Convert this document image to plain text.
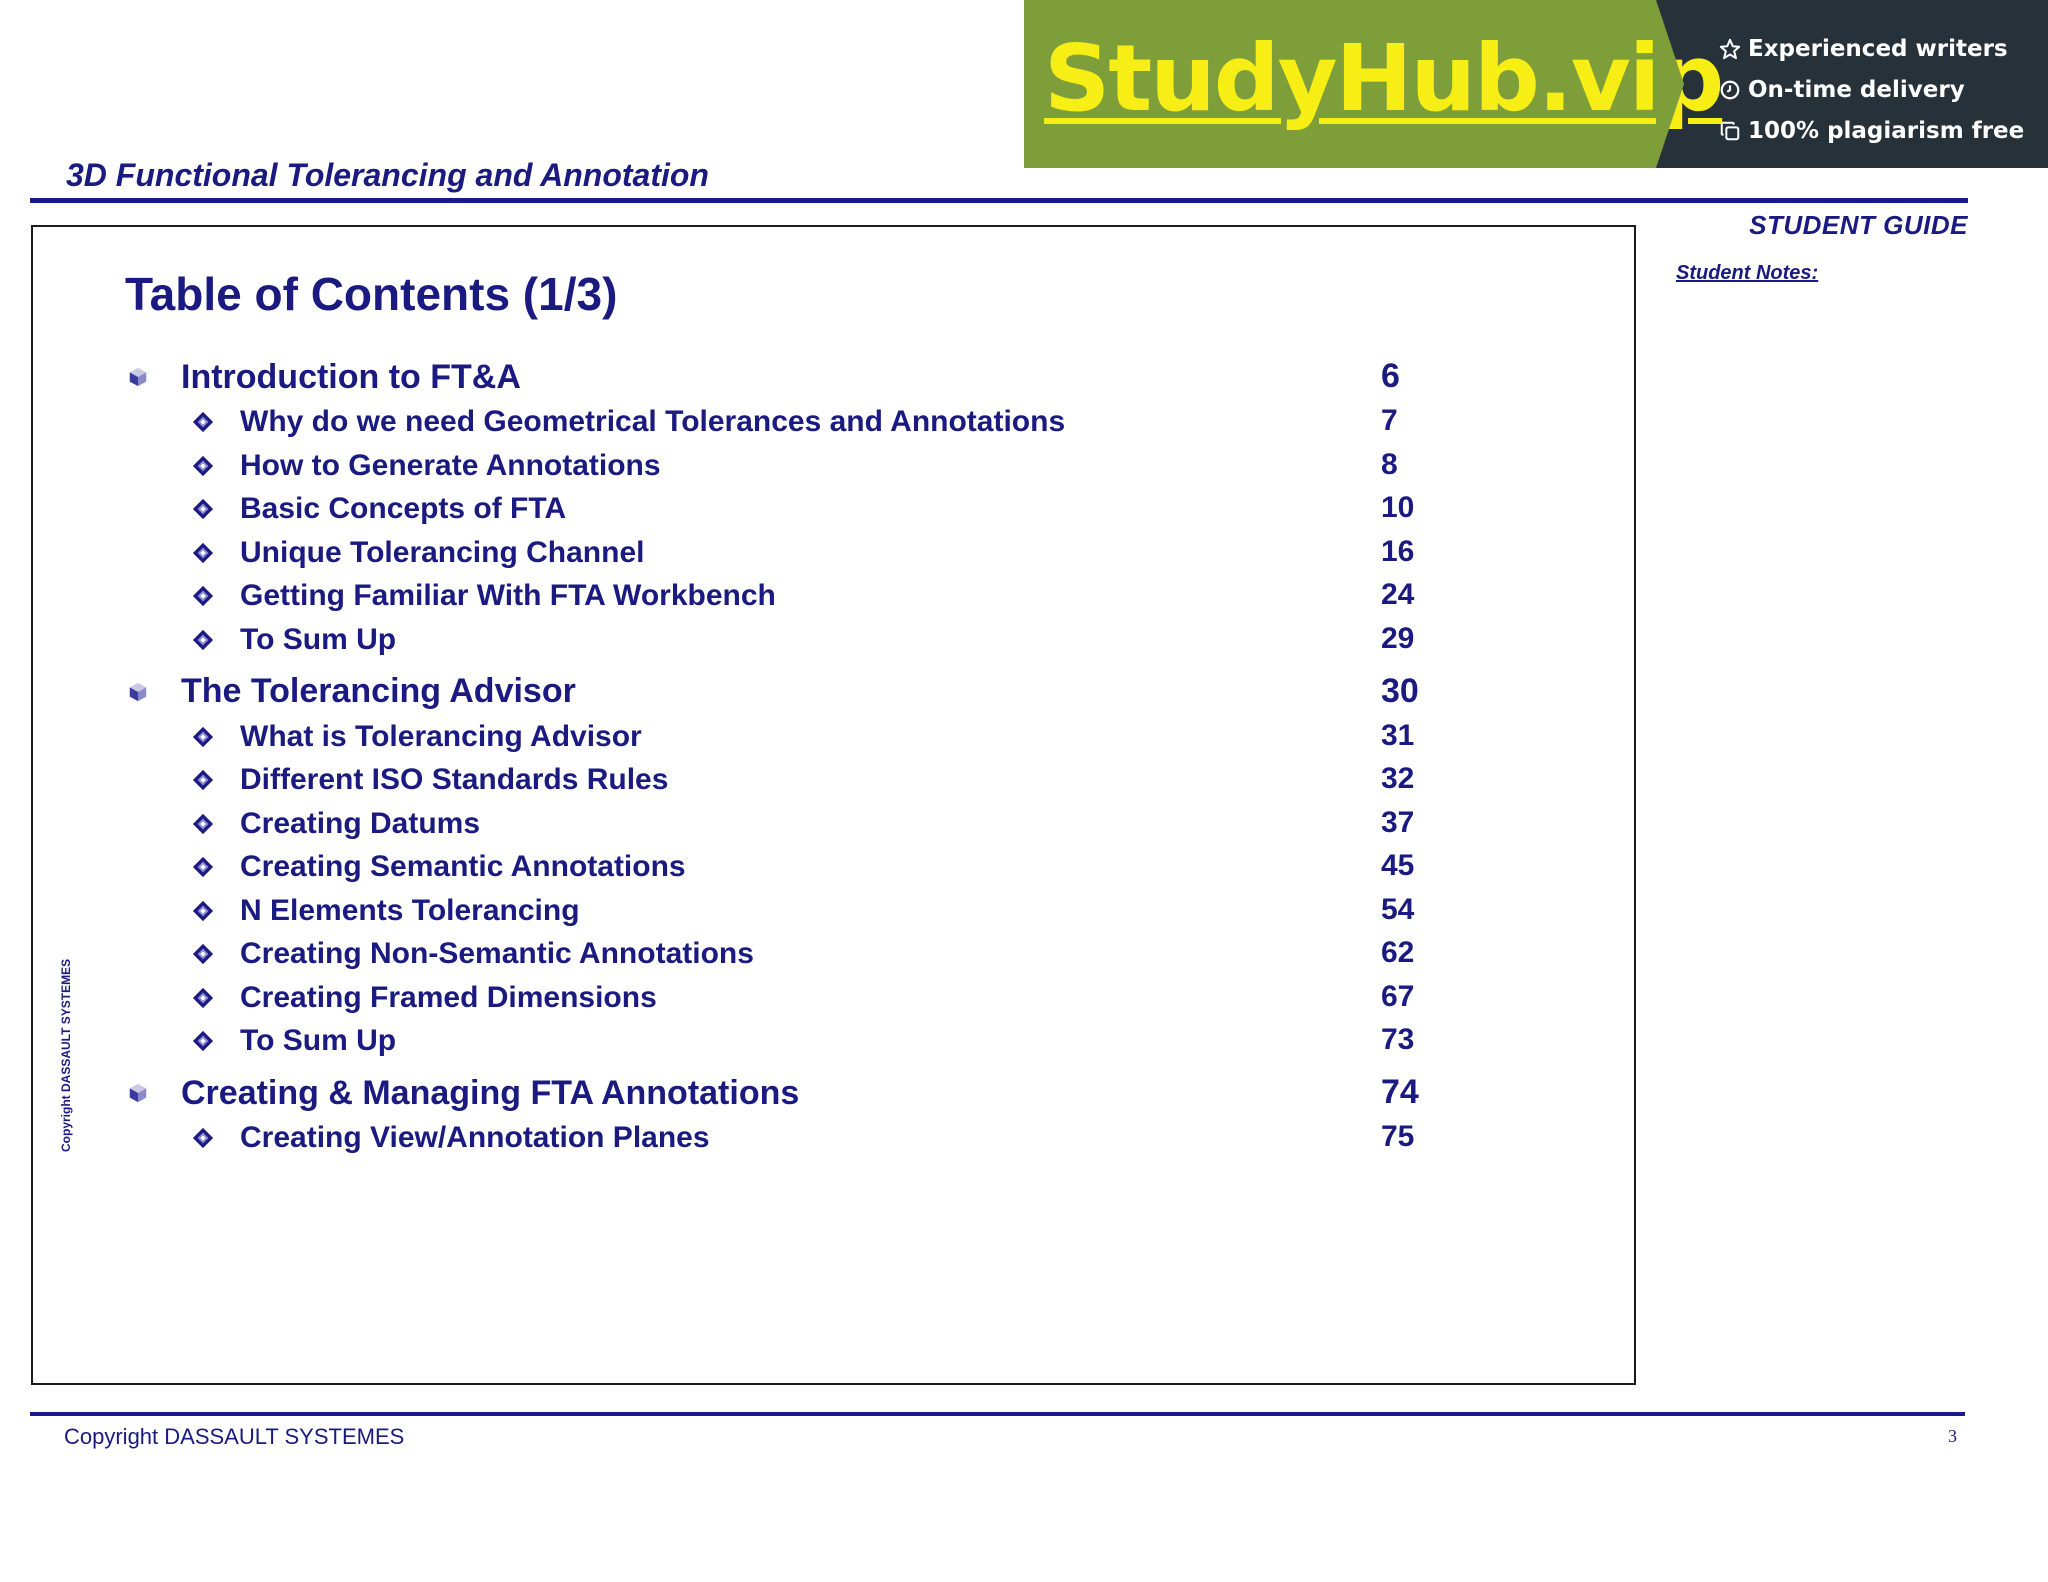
StudyHub.vip Experienced writers
On-time delivery
100% plagiarism free
3D Functional Tolerancing and Annotation
STUDENT GUIDE
Student Notes:
Table of Contents (1/3)
Introduction to FT&A	6
Why do we need Geometrical Tolerances and Annotations	7
How to Generate Annotations	8
Basic Concepts of FTA	10
Unique Tolerancing Channel	16
Getting Familiar With FTA Workbench	24
To Sum Up	29
The Tolerancing Advisor	30
What is Tolerancing Advisor	31
Different ISO Standards Rules	32
Creating Datums	37
Creating Semantic Annotations	45
N Elements Tolerancing	54
Creating Non-Semantic Annotations	62
Creating Framed Dimensions	67
To Sum Up	73
Creating & Managing FTA Annotations	74
Creating View/Annotation Planes	75
Copyright DASSAULT SYSTEMES
Copyright DASSAULT SYSTEMES	3
